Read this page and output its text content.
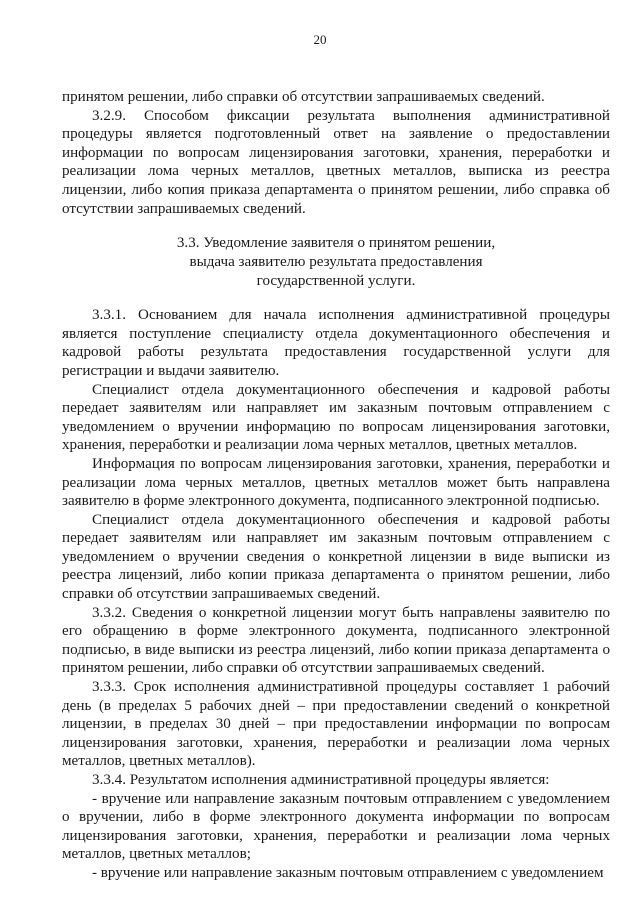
20

принятом решении, либо справки об отсутствии запрашиваемых сведений.

3.2.9. Способом фиксации результата выполнения административной процедуры является подготовленный ответ на заявление о предоставлении информации по вопросам лицензирования заготовки, хранения, переработки и реализации лома черных металлов, цветных металлов, выписка из реестра лицензии, либо копия приказа департамента о принятом решении, либо справка об отсутствии запрашиваемых сведений.

3.3. Уведомление заявителя о принятом решении,
выдача заявителю результата предоставления
государственной услуги.

3.3.1. Основанием для начала исполнения административной процедуры является поступление специалисту отдела документационного обеспечения и кадровой работы результата предоставления государственной услуги для регистрации и выдачи заявителю.

Специалист отдела документационного обеспечения и кадровой работы передает заявителям или направляет им заказным почтовым отправлением с уведомлением о вручении информацию по вопросам лицензирования заготовки, хранения, переработки и реализации лома черных металлов, цветных металлов.

Информация по вопросам лицензирования заготовки, хранения, переработки и реализации лома черных металлов, цветных металлов может быть направлена заявителю в форме электронного документа, подписанного электронной подписью.

Специалист отдела документационного обеспечения и кадровой работы передает заявителям или направляет им заказным почтовым отправлением с уведомлением о вручении сведения о конкретной лицензии в виде выписки из реестра лицензий, либо копии приказа департамента о принятом решении, либо справки об отсутствии запрашиваемых сведений.

3.3.2. Сведения о конкретной лицензии могут быть направлены заявителю по его обращению в форме электронного документа, подписанного электронной подписью, в виде выписки из реестра лицензий, либо копии приказа департамента о принятом решении, либо справки об отсутствии запрашиваемых сведений.

3.3.3. Срок исполнения административной процедуры составляет 1 рабочий день (в пределах 5 рабочих дней – при предоставлении сведений о конкретной лицензии, в пределах 30 дней – при предоставлении информации по вопросам лицензирования заготовки, хранения, переработки и реализации лома черных металлов, цветных металлов).

3.3.4. Результатом исполнения административной процедуры является:

- вручение или направление заказным почтовым отправлением с уведомлением о вручении, либо в форме электронного документа информации по вопросам лицензирования заготовки, хранения, переработки и реализации лома черных металлов, цветных металлов;

- вручение или направление заказным почтовым отправлением с уведомлением
